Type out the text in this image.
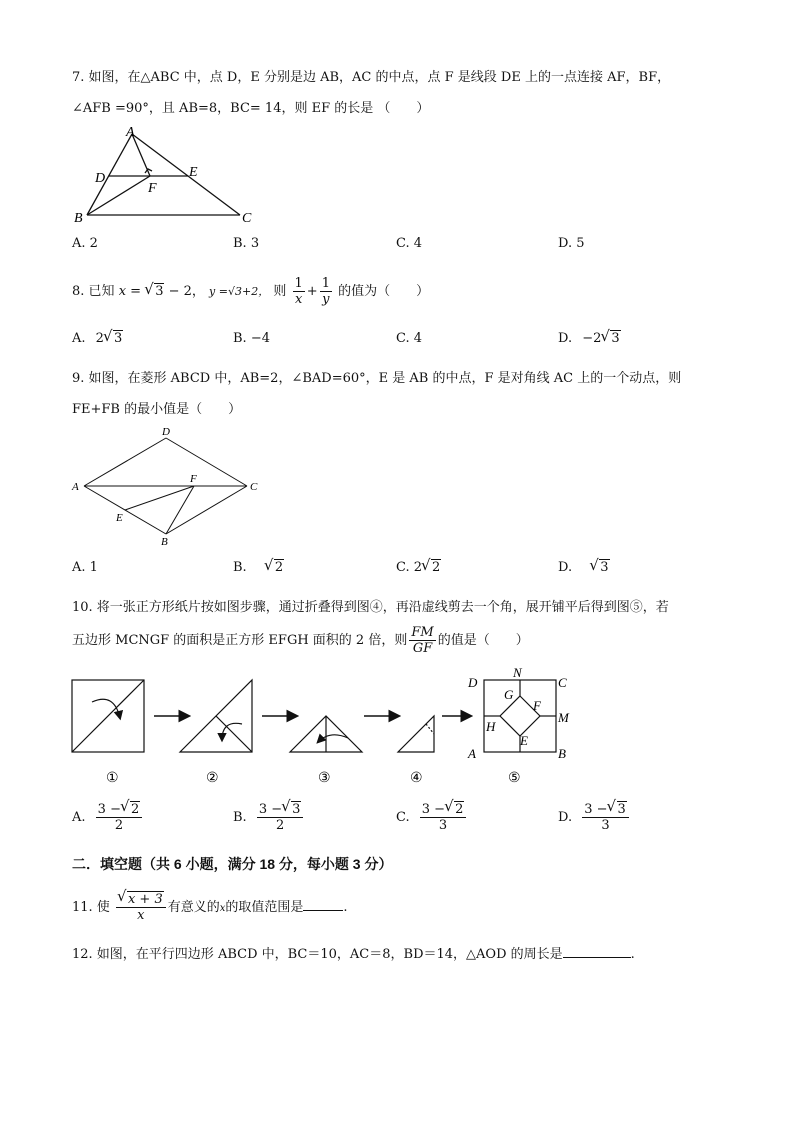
7. 如图，在△ABC 中，点 D，E 分别是边 AB，AC 的中点，点 F 是线段 DE 上的一点连接 AF，BF，
∠AFB =90°，且 AB=8，BC= 14，则 EF 的长是 （　　）
A
D	E
F
B	C
A. 2	B. 3	C. 4	D. 5
8. 已知 x = √ 3 − 2， y =√3+2， 则 $\frac{1}{x} + \frac{1}{y}$ 的值为（　　）
A. 2 √ 3	B. −4	C. 4	D. −2 √ 3
9. 如图，在菱形 ABCD 中，AB=2，∠BAD=60°，E 是 AB 的中点，F 是对角线 AC 上的一个动点，则
FE+FB 的最小值是（　　）
D
A	C
F
E
B
A. 1	B. √ 2	C. 2 √ 2	D. √ 3
10. 将一张正方形纸片按如图步骤，通过折叠得到图④，再沿虚线剪去一个角，展开铺平后得到图⑤，若
五边形 MCNGF 的面积是正方形 EFGH 面积的 2 倍，则 $\frac{FM}{GF}$ 的值是（　　）
D
N
C
G
F
M
H
E
A	B
①	②	③	④	⑤
A. $\frac{3 - √ 2}{2}$	B. $\frac{3 - √ 3}{2}$	C. $\frac{3 - √ 2}{3}$	D. $\frac{3 - √ 3}{3}$
二．填空题（共 6 小题，满分 18 分，每小题 3 分）
11. 使 √ $\frac{x + 3}{x}$ 有意义的x的取值范围是	.
12. 如图，在平行四边形 ABCD 中，BC＝10，AC＝8，BD＝14，△AOD 的周长是	.
